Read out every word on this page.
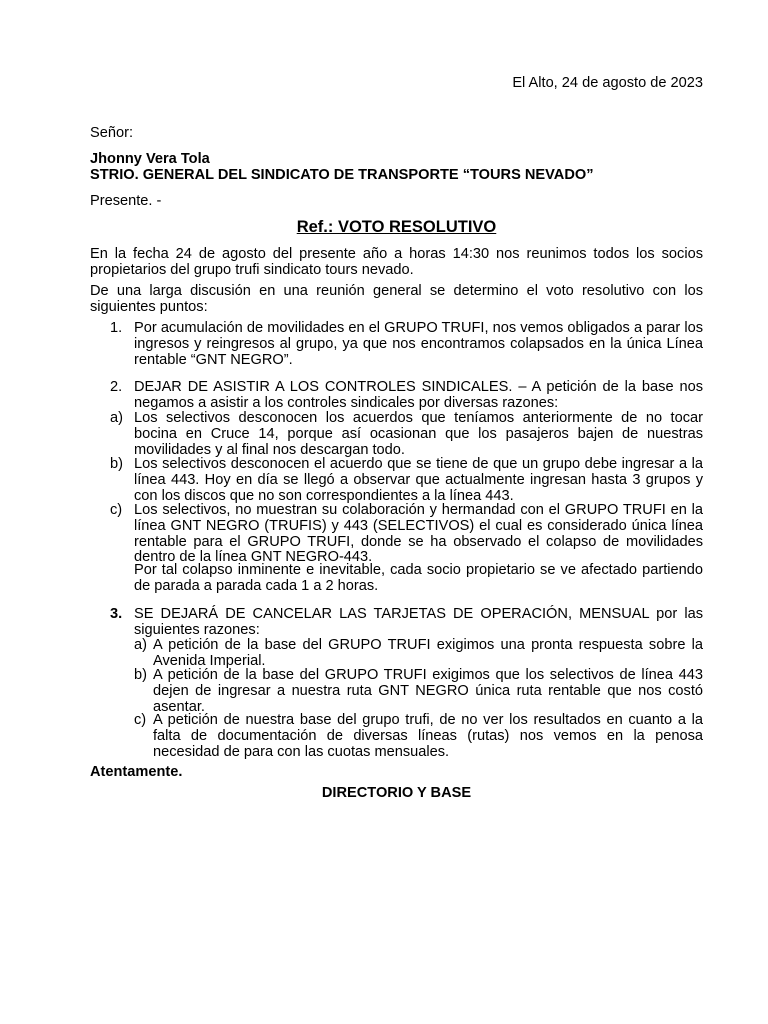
El Alto, 24 de agosto de 2023
Señor:
Jhonny Vera Tola
STRIO. GENERAL DEL SINDICATO DE TRANSPORTE “TOURS NEVADO”
Presente. -
Ref.: VOTO RESOLUTIVO
En la fecha 24 de agosto del presente año a horas 14:30 nos reunimos todos los socios propietarios del grupo trufi sindicato tours nevado.
De una larga discusión en una reunión general se determino el voto resolutivo con los siguientes puntos:
1. Por acumulación de movilidades en el GRUPO TRUFI, nos vemos obligados a parar los ingresos y reingresos al grupo, ya que nos encontramos colapsados en la única Línea rentable “GNT NEGRO”.
2. DEJAR DE ASISTIR A LOS CONTROLES SINDICALES. – A petición de la base nos negamos a asistir a los controles sindicales por diversas razones:
a) Los selectivos desconocen los acuerdos que teníamos anteriormente de no tocar bocina en Cruce 14, porque así ocasionan que los pasajeros bajen de nuestras movilidades y al final nos descargan todo.
b) Los selectivos desconocen el acuerdo que se tiene de que un grupo debe ingresar a la línea 443. Hoy en día se llegó a observar que actualmente ingresan hasta 3 grupos y con los discos que no son correspondientes a la línea 443.
c) Los selectivos, no muestran su colaboración y hermandad con el GRUPO TRUFI en la línea GNT NEGRO (TRUFIS) y 443 (SELECTIVOS) el cual es considerado única línea rentable para el GRUPO TRUFI, donde se ha observado el colapso de movilidades dentro de la línea GNT NEGRO-443.
Por tal colapso inminente e inevitable, cada socio propietario se ve afectado partiendo de parada a parada cada 1 a 2 horas.
3. SE DEJARÁ DE CANCELAR LAS TARJETAS DE OPERACIÓN, MENSUAL por las siguientes razones:
a) A petición de la base del GRUPO TRUFI exigimos una pronta respuesta sobre la Avenida Imperial.
b) A petición de la base del GRUPO TRUFI exigimos que los selectivos de línea 443 dejen de ingresar a nuestra ruta GNT NEGRO única ruta rentable que nos costó asentar.
c) A petición de nuestra base del grupo trufi, de no ver los resultados en cuanto a la falta de documentación de diversas líneas (rutas) nos vemos en la penosa necesidad de para con las cuotas mensuales.
Atentamente.
DIRECTORIO Y BASE
